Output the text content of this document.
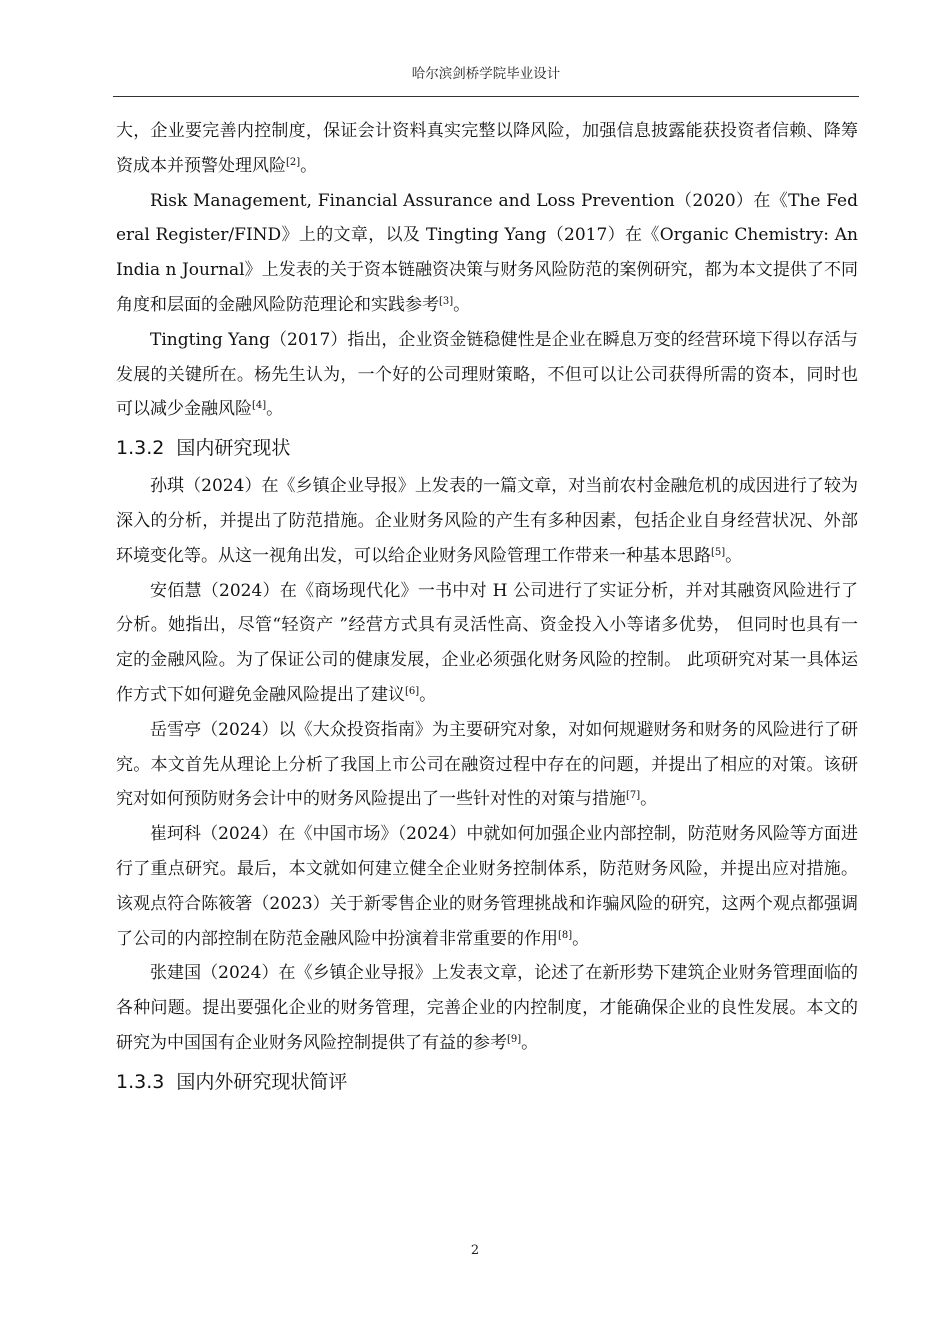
哈尔滨剑桥学院毕业设计

大，企业要完善内控制度，保证会计资料真实完整以降风险，加强信息披露能获投资者信赖、降筹资成本并预警处理风险[2]。

Risk Management, Financial Assurance and Loss Prevention（2020）在《The Federal Register/FIND》上的文章，以及 Tingting Yang（2017）在《Organic Chemistry: An India n Journal》上发表的关于资本链融资决策与财务风险防范的案例研究，都为本文提供了不同角度和层面的金融风险防范理论和实践参考[3]。

Tingting Yang（2017）指出，企业资金链稳健性是企业在瞬息万变的经营环境下得以存活与发展的关键所在。杨先生认为，一个好的公司理财策略，不但可以让公司获得所需的资本，同时也可以减少金融风险[4]。

1.3.2 国内研究现状

孙琪（2024）在《乡镇企业导报》上发表的一篇文章，对当前农村金融危机的成因进行了较为深入的分析，并提出了防范措施。企业财务风险的产生有多种因素，包括企业自身经营状况、外部环境变化等。从这一视角出发，可以给企业财务风险管理工作带来一种基本思路[5]。

安佰慧（2024）在《商场现代化》一书中对 H 公司进行了实证分析，并对其融资风险进行了分析。她指出，尽管“轻资产 ”经营方式具有灵活性高、资金投入小等诸多优势， 但同时也具有一定的金融风险。为了保证公司的健康发展，企业必须强化财务风险的控制。 此项研究对某一具体运作方式下如何避免金融风险提出了建议[6]。

岳雪亭（2024）以《大众投资指南》为主要研究对象，对如何规避财务和财务的风险进行了研究。本文首先从理论上分析了我国上市公司在融资过程中存在的问题，并提出了相应的对策。该研究对如何预防财务会计中的财务风险提出了一些针对性的对策与措施[7]。

崔珂科（2024）在《中国市场》（2024）中就如何加强企业内部控制，防范财务风险等方面进行了重点研究。最后，本文就如何建立健全企业财务控制体系，防范财务风险，并提出应对措施。该观点符合陈筱箸（2023）关于新零售企业的财务管理挑战和诈骗风险的研究，这两个观点都强调了公司的内部控制在防范金融风险中扮演着非常重要的作用[8]。

张建国（2024）在《乡镇企业导报》上发表文章，论述了在新形势下建筑企业财务管理面临的各种问题。提出要强化企业的财务管理，完善企业的内控制度，才能确保企业的良性发展。本文的研究为中国国有企业财务风险控制提供了有益的参考[9]。

1.3.3 国内外研究现状简评
2
